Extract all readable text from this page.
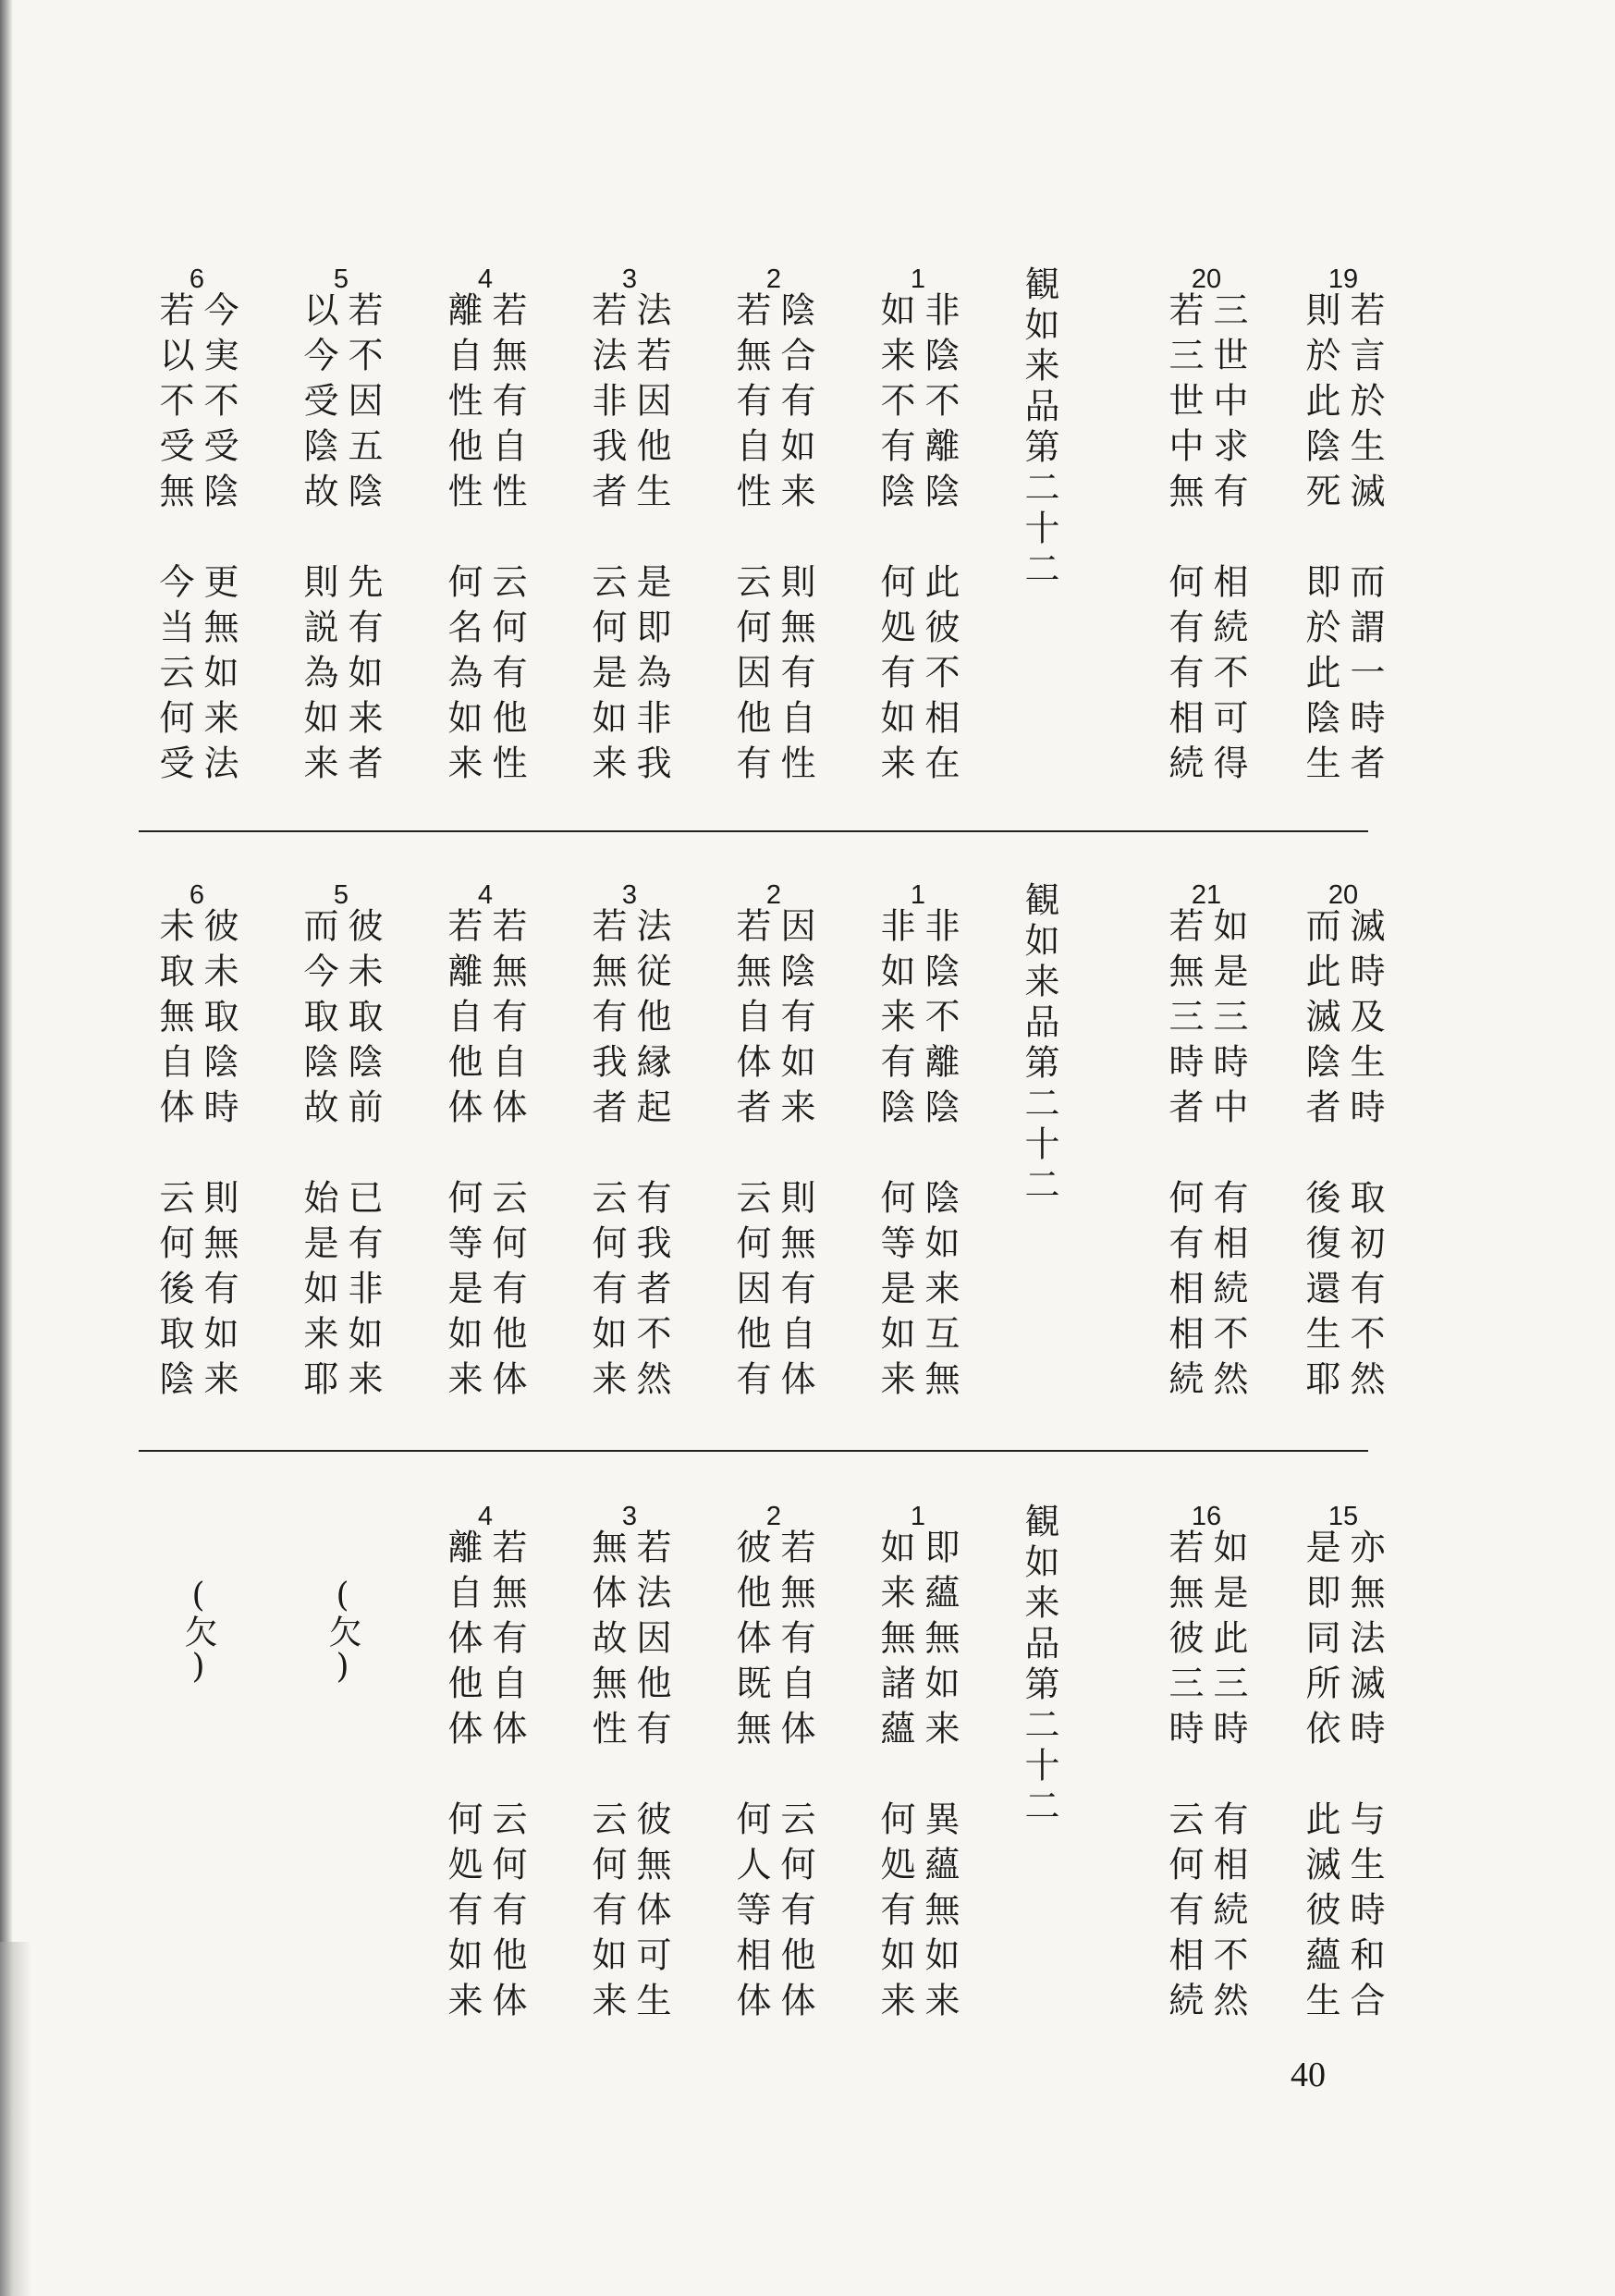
19
若言於生滅　而謂一時者
則於此陰死　即於此陰生
20
三世中求有　相続不可得
若三世中無　何有有相続
観如来品第二十二
1
非陰不離陰　此彼不相在
如来不有陰　何処有如来
2
陰合有如来　則無有自性
若無有自性　云何因他有
3
法若因他生　是即為非我
若法非我者　云何是如来
4
若無有自性　云何有他性
離自性他性　何名為如来
5
若不因五陰　先有如来者
以今受陰故　則説為如来
6
今実不受陰　更無如来法
若以不受無　今当云何受
20
滅時及生時　取初有不然
而此滅陰者　後復還生耶
21
如是三時中　有相続不然
若無三時者　何有相相続
観如来品第二十二
1
非陰不離陰　陰如来互無
非如来有陰　何等是如来
2
因陰有如来　則無有自体
若無自体者　云何因他有
3
法従他縁起　有我者不然
若無有我者　云何有如来
4
若無有自体　云何有他体
若離自他体　何等是如来
5
彼未取陰前　已有非如来
而今取陰故　始是如来耶
6
彼未取陰時　則無有如来
未取無自体　云何後取陰
15
亦無法滅時　与生時和合
是即同所依　此滅彼蘊生
16
如是此三時　有相続不然
若無彼三時　云何有相続
観如来品第二十二
1
即蘊無如来　異蘊無如来
如来無諸蘊　何処有如来
2
若無有自体　云何有他体
彼他体既無　何人等相体
3
若法因他有　彼無体可生
無体故無性　云何有如来
4
若無有自体　云何有他体
離自体他体　何処有如来
(欠)
(欠)
40
